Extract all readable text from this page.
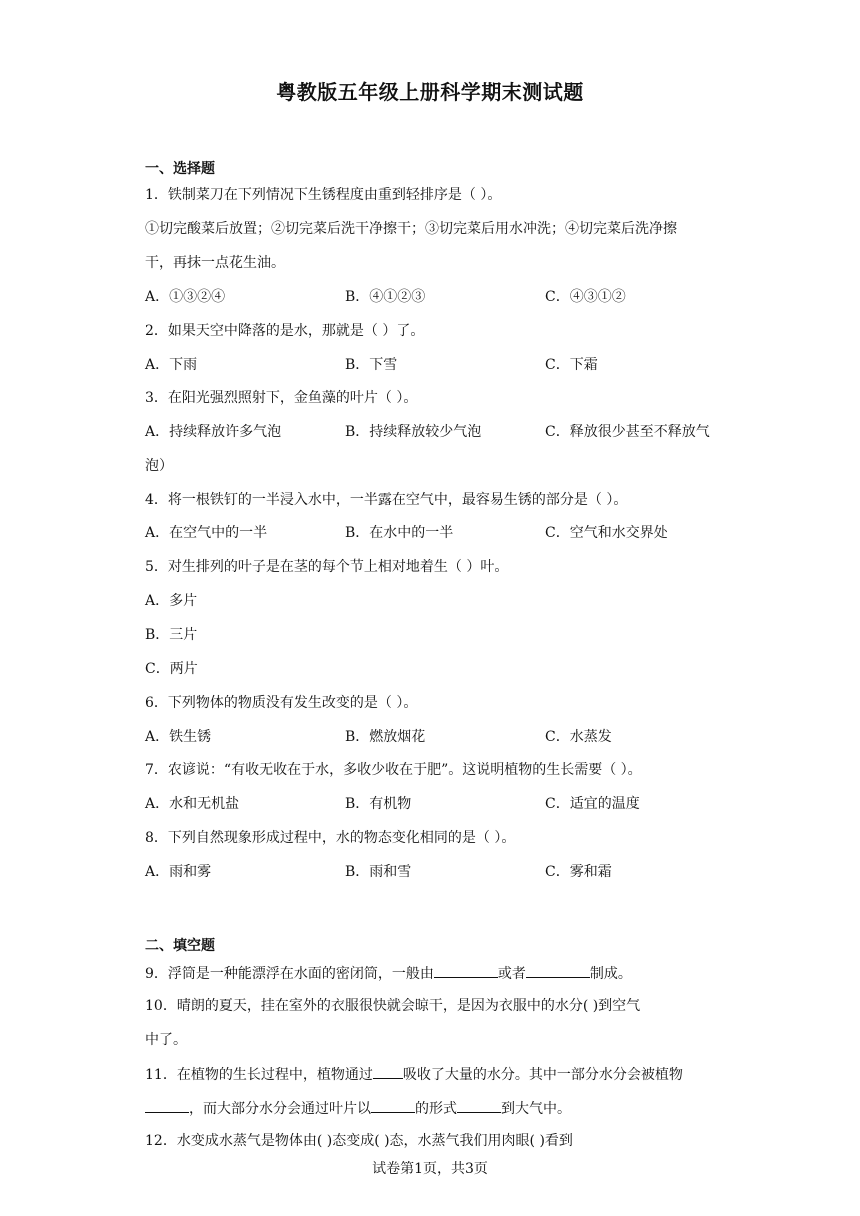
粤教版五年级上册科学期末测试题
一、选择题
1．铁制菜刀在下列情况下生锈程度由重到轻排序是（ ）。
①切完酸菜后放置；②切完菜后洗干净擦干；③切完菜后用水冲洗；④切完菜后洗净擦
干，再抹一点花生油。
A．①③②④	B．④①②③	C．④③①②
2．如果天空中降落的是水，那就是（ ）了。
A．下雨	B．下雪	C．下霜
3．在阳光强烈照射下，金鱼藻的叶片（ ）。
A．持续释放许多气泡	B．持续释放较少气泡	C．释放很少甚至不释放气
泡）
4．将一根铁钉的一半浸入水中，一半露在空气中，最容易生锈的部分是（ ）。
A．在空气中的一半	B．在水中的一半	C．空气和水交界处
5．对生排列的叶子是在茎的每个节上相对地着生（ ）叶。
A．多片
B．三片
C．两片
6．下列物体的物质没有发生改变的是（ ）。
A．铁生锈	B．燃放烟花	C．水蒸发
7．农谚说：“有收无收在于水，多收少收在于肥”。这说明植物的生长需要（ ）。
A．水和无机盐	B．有机物	C．适宜的温度
8．下列自然现象形成过程中，水的物态变化相同的是（ ）。
A．雨和雾	B．雨和雪	C．雾和霜
二、填空题
9．浮筒是一种能漂浮在水面的密闭筒，一般由	或者	制成。
10．晴朗的夏天，挂在室外的衣服很快就会晾干，是因为衣服中的水分( )到空气
中了。
11．在植物的生长过程中，植物通过 吸收了大量的水分。其中一部分水分会被植物
，而大部分水分会通过叶片以	的形式	到大气中。
12．水变成水蒸气是物体由( )态变成( )态，水蒸气我们用肉眼( )看到
试卷第1页，共3页
